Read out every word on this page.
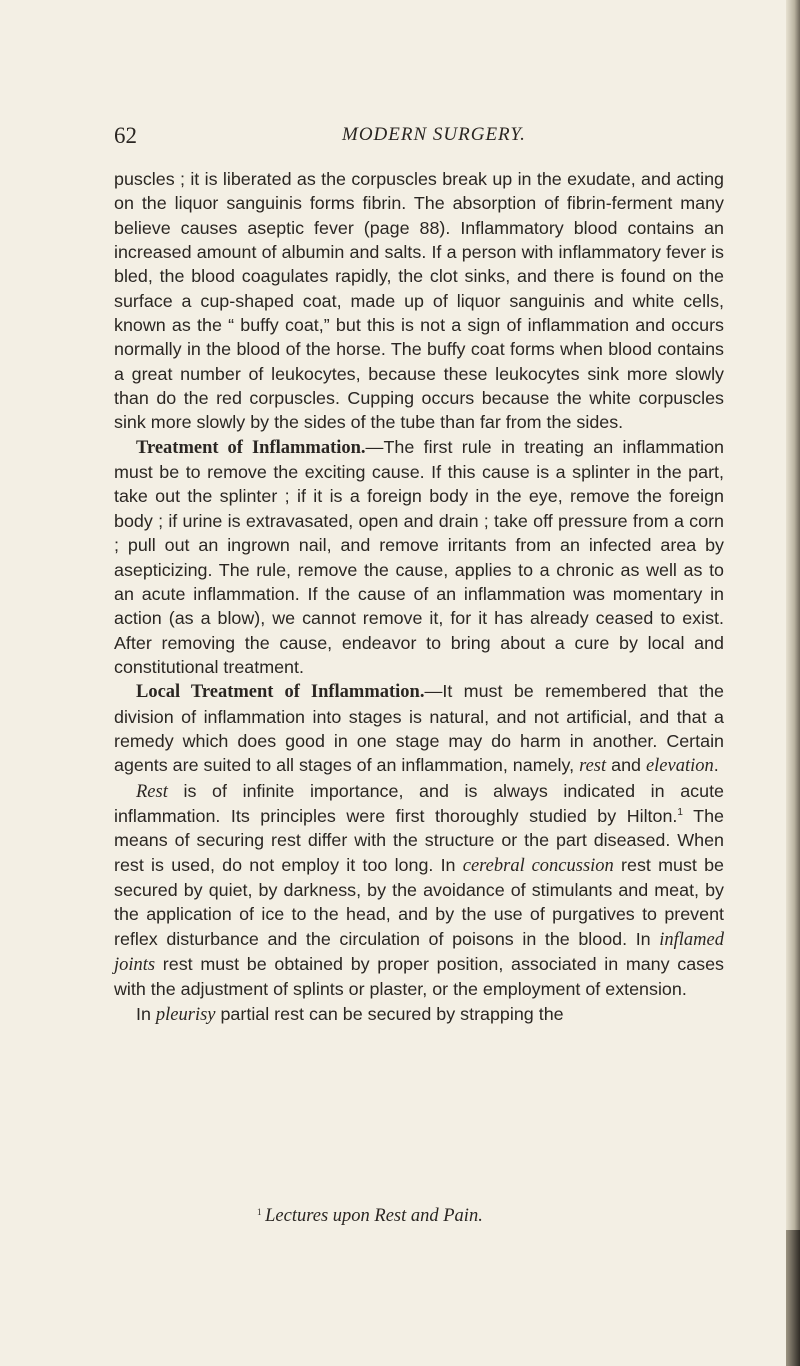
62	MODERN SURGERY.

puscles ; it is liberated as the corpuscles break up in the exudate, and acting on the liquor sanguinis forms fibrin. The absorption of fibrin-ferment many believe causes aseptic fever (page 88). Inflammatory blood contains an increased amount of albumin and salts. If a person with inflammatory fever is bled, the blood coagulates rapidly, the clot sinks, and there is found on the surface a cup-shaped coat, made up of liquor sanguinis and white cells, known as the “ buffy coat,” but this is not a sign of inflammation and occurs normally in the blood of the horse. The buffy coat forms when blood contains a great number of leukocytes, because these leukocytes sink more slowly than do the red corpuscles. Cupping occurs because the white corpuscles sink more slowly by the sides of the tube than far from the sides.

Treatment of Inflammation.—The first rule in treating an inflammation must be to remove the exciting cause. If this cause is a splinter in the part, take out the splinter ; if it is a foreign body in the eye, remove the foreign body ; if urine is extravasated, open and drain ; take off pressure from a corn ; pull out an ingrown nail, and remove irritants from an infected area by asepticizing. The rule, remove the cause, applies to a chronic as well as to an acute inflammation. If the cause of an inflammation was momentary in action (as a blow), we cannot remove it, for it has already ceased to exist. After removing the cause, endeavor to bring about a cure by local and constitutional treatment.

Local Treatment of Inflammation.—It must be remembered that the division of inflammation into stages is natural, and not artificial, and that a remedy which does good in one stage may do harm in another. Certain agents are suited to all stages of an inflammation, namely, rest and elevation.

Rest is of infinite importance, and is always indicated in acute inflammation. Its principles were first thoroughly studied by Hilton.$^1$ The means of securing rest differ with the structure or the part diseased. When rest is used, do not employ it too long. In cerebral concussion rest must be secured by quiet, by darkness, by the avoidance of stimulants and meat, by the application of ice to the head, and by the use of purgatives to prevent reflex disturbance and the circulation of poisons in the blood. In inflamed joints rest must be obtained by proper position, associated in many cases with the adjustment of splints or plaster, or the employment of extension.

In pleurisy partial rest can be secured by strapping the

$^1$ Lectures upon Rest and Pain.
